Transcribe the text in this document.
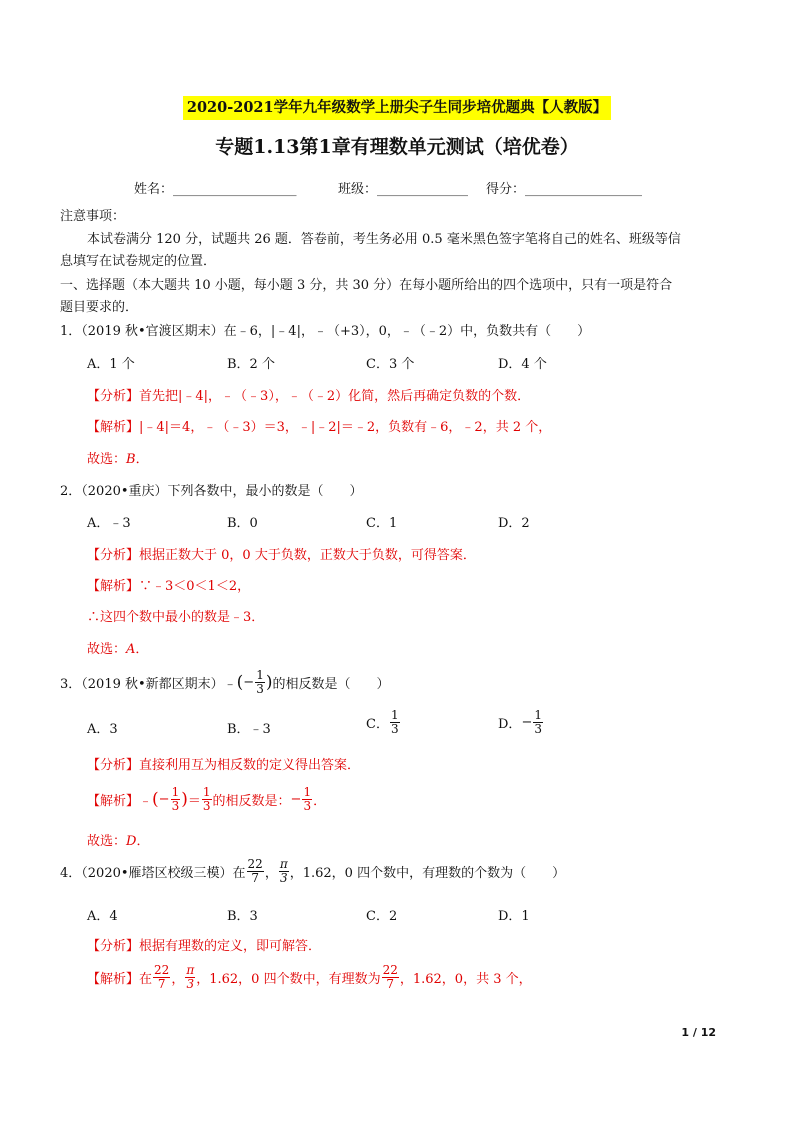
2020-2021学年九年级数学上册尖子生同步培优题典【人教版】
专题1.13第1章有理数单元测试（培优卷）
姓名：___________________	班级：______________ 得分：__________________
注意事项：
本试卷满分 120 分，试题共 26 题．答卷前，考生务必用 0.5 毫米黑色签字笔将自己的姓名、班级等信
息填写在试卷规定的位置．
一、选择题（本大题共 10 小题，每小题 3 分，共 30 分）在每小题所给出的四个选项中，只有一项是符合
题目要求的．
1．（2019 秋•官渡区期末）在﹣6，|﹣4|，﹣（+3），0，﹣（﹣2）中，负数共有（　　）
A．1 个	B．2 个	C．3 个	D．4 个
【分析】首先把|﹣4|，﹣（﹣3），﹣（﹣2）化简，然后再确定负数的个数．
【解析】|﹣4|＝4，﹣（﹣3）＝3，﹣|﹣2|＝﹣2，负数有﹣6，﹣2，共 2 个，
故选：B．
2．（2020•重庆）下列各数中，最小的数是（　　）
A．﹣3	B．0	C．1	D．2
【分析】根据正数大于 0，0 大于负数，正数大于负数，可得答案．
【解析】∵﹣3＜0＜1＜2，
∴这四个数中最小的数是﹣3．
故选：A．
3．（2019 秋•新都区期末）﹣(− $\frac{1}{3}$ )的相反数是（　　）
A．3	B．﹣3	C． $\frac{1}{3}$	D．− $\frac{1}{3}$
【分析】直接利用互为相反数的定义得出答案．
【解析】﹣(− $\frac{1}{3}$ )＝ $\frac{1}{3}$ 的相反数是：− $\frac{1}{3}$ ．
故选：D．
4．（2020•雁塔区校级三模）在 $\frac{22}{7}$ ， $\frac{\pi}{3}$ ，1.62，0 四个数中，有理数的个数为（　　）
A．4	B．3	C．2	D．1
【分析】根据有理数的定义，即可解答．
【解析】在 $\frac{22}{7}$ ， $\frac{\pi}{3}$ ，1.62，0 四个数中，有理数为 $\frac{22}{7}$ ，1.62，0，共 3 个，
1 / 12
